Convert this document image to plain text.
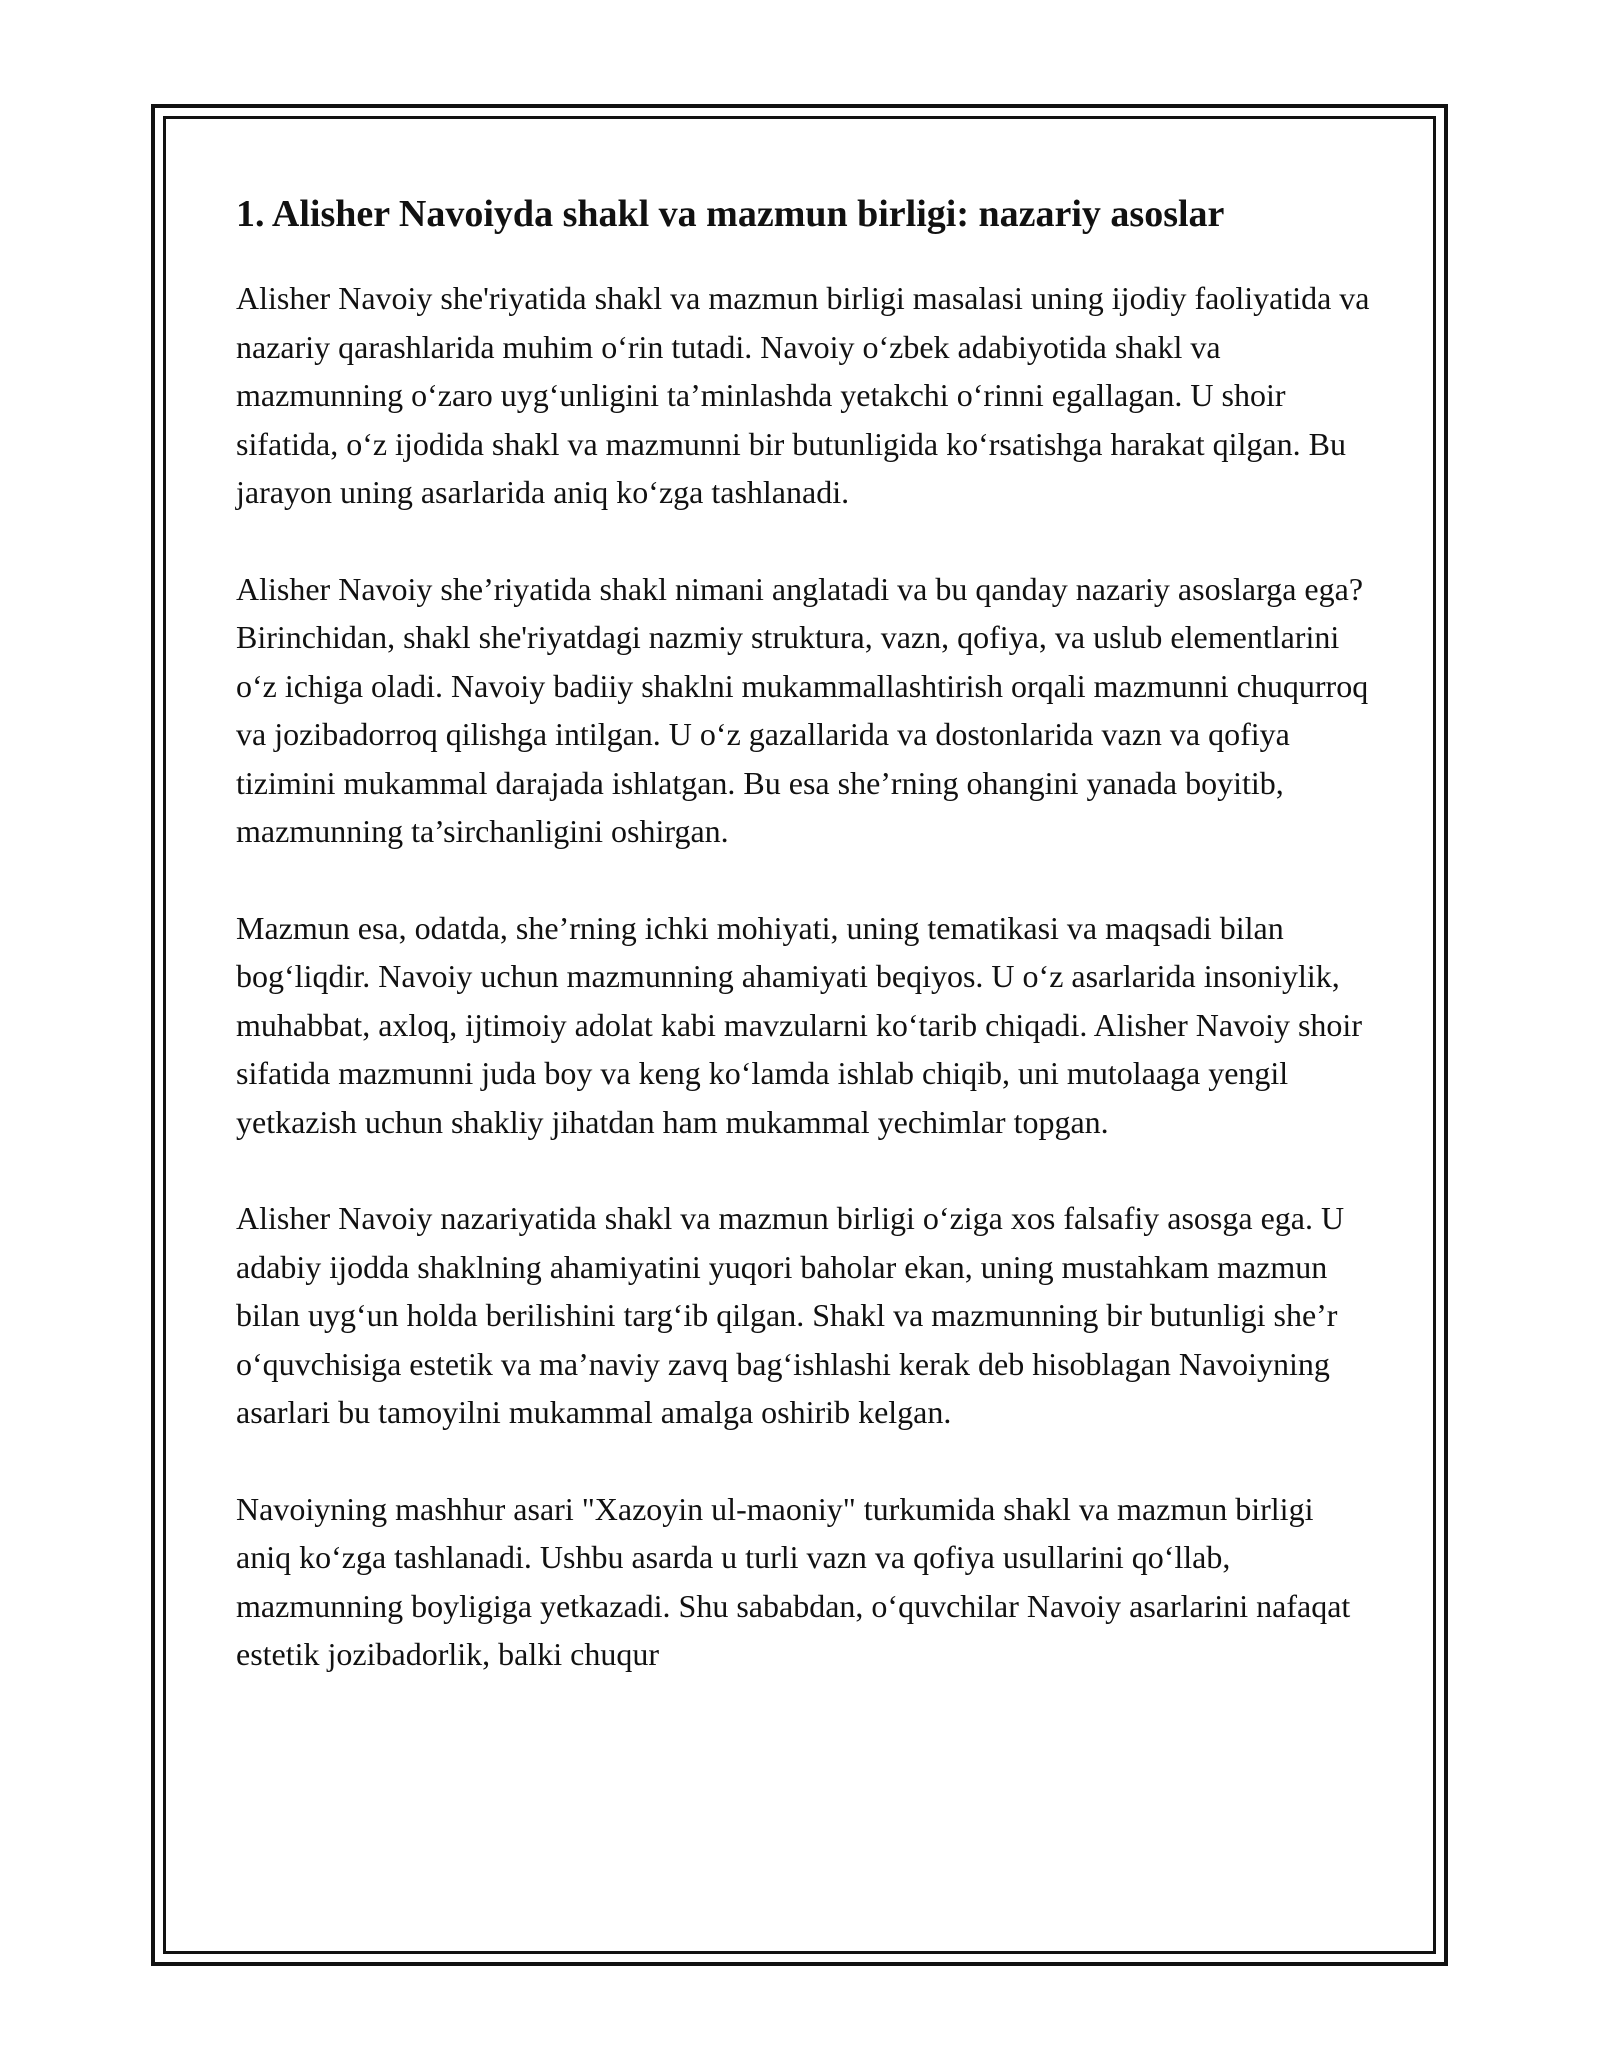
1. Alisher Navoiyda shakl va mazmun birligi: nazariy asoslar

Alisher Navoiy she'riyatida shakl va mazmun birligi masalasi uning ijodiy faoliyatida va nazariy qarashlarida muhim o‘rin tutadi. Navoiy o‘zbek adabiyotida shakl va mazmunning o‘zaro uyg‘unligini ta’minlashda yetakchi o‘rinni egallagan. U shoir sifatida, o‘z ijodida shakl va mazmunni bir butunligida ko‘rsatishga harakat qilgan. Bu jarayon uning asarlarida aniq ko‘zga tashlanadi.

Alisher Navoiy she’riyatida shakl nimani anglatadi va bu qanday nazariy asoslarga ega? Birinchidan, shakl she'riyatdagi nazmiy struktura, vazn, qofiya, va uslub elementlarini o‘z ichiga oladi. Navoiy badiiy shaklni mukammallashtirish orqali mazmunni chuqurroq va jozibadorroq qilishga intilgan. U o‘z gazallarida va dostonlarida vazn va qofiya tizimini mukammal darajada ishlatgan. Bu esa she’rning ohangini yanada boyitib, mazmunning ta’sirchanligini oshirgan.

Mazmun esa, odatda, she’rning ichki mohiyati, uning tematikasi va maqsadi bilan bog‘liqdir. Navoiy uchun mazmunning ahamiyati beqiyos. U o‘z asarlarida insoniylik, muhabbat, axloq, ijtimoiy adolat kabi mavzularni ko‘tarib chiqadi. Alisher Navoiy shoir sifatida mazmunni juda boy va keng ko‘lamda ishlab chiqib, uni mutolaaga yengil yetkazish uchun shakliy jihatdan ham mukammal yechimlar topgan.

Alisher Navoiy nazariyatida shakl va mazmun birligi o‘ziga xos falsafiy asosga ega. U adabiy ijodda shaklning ahamiyatini yuqori baholar ekan, uning mustahkam mazmun bilan uyg‘un holda berilishini targ‘ib qilgan. Shakl va mazmunning bir butunligi she’r o‘quvchisiga estetik va ma’naviy zavq bag‘ishlashi kerak deb hisoblagan Navoiyning asarlari bu tamoyilni mukammal amalga oshirib kelgan.

Navoiyning mashhur asari "Xazoyin ul-maoniy" turkumida shakl va mazmun birligi aniq ko‘zga tashlanadi. Ushbu asarda u turli vazn va qofiya usullarini qo‘llab, mazmunning boyligiga yetkazadi. Shu sababdan, o‘quvchilar Navoiy asarlarini nafaqat estetik jozibadorlik, balki chuqur
